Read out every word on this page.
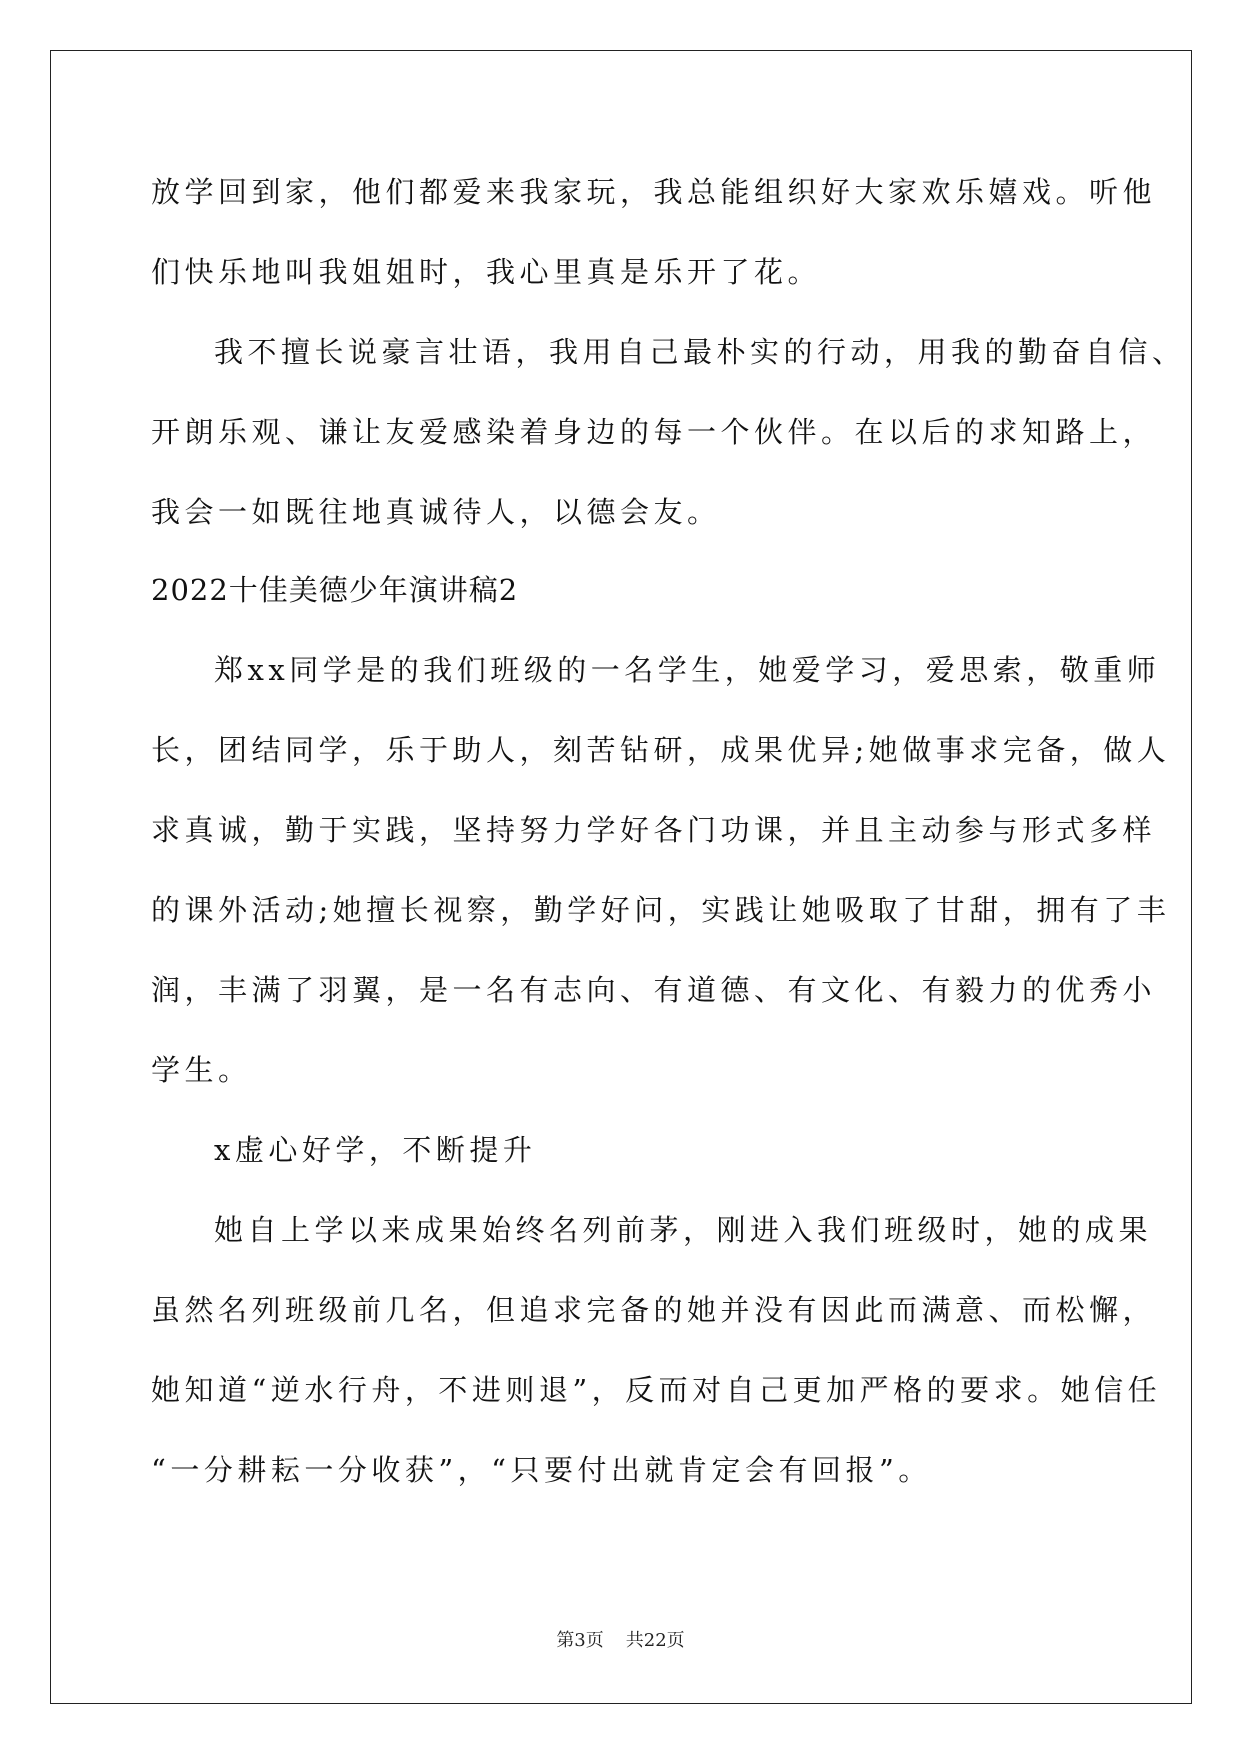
放学回到家，他们都爱来我家玩，我总能组织好大家欢乐嬉戏。听他

们快乐地叫我姐姐时，我心里真是乐开了花。

我不擅长说豪言壮语，我用自己最朴实的行动，用我的勤奋自信、

开朗乐观、谦让友爱感染着身边的每一个伙伴。在以后的求知路上，

我会一如既往地真诚待人，以德会友。

2022十佳美德少年演讲稿2

郑xx同学是的我们班级的一名学生，她爱学习，爱思索，敬重师

长，团结同学，乐于助人，刻苦钻研，成果优异;她做事求完备，做人

求真诚，勤于实践，坚持努力学好各门功课，并且主动参与形式多样

的课外活动;她擅长视察，勤学好问，实践让她吸取了甘甜，拥有了丰

润，丰满了羽翼，是一名有志向、有道德、有文化、有毅力的优秀小

学生。

x虚心好学，不断提升

她自上学以来成果始终名列前茅，刚进入我们班级时，她的成果

虽然名列班级前几名，但追求完备的她并没有因此而满意、而松懈，

她知道“逆水行舟，不进则退”，反而对自己更加严格的要求。她信任

“一分耕耘一分收获”，“只要付出就肯定会有回报”。

第3页 共22页
